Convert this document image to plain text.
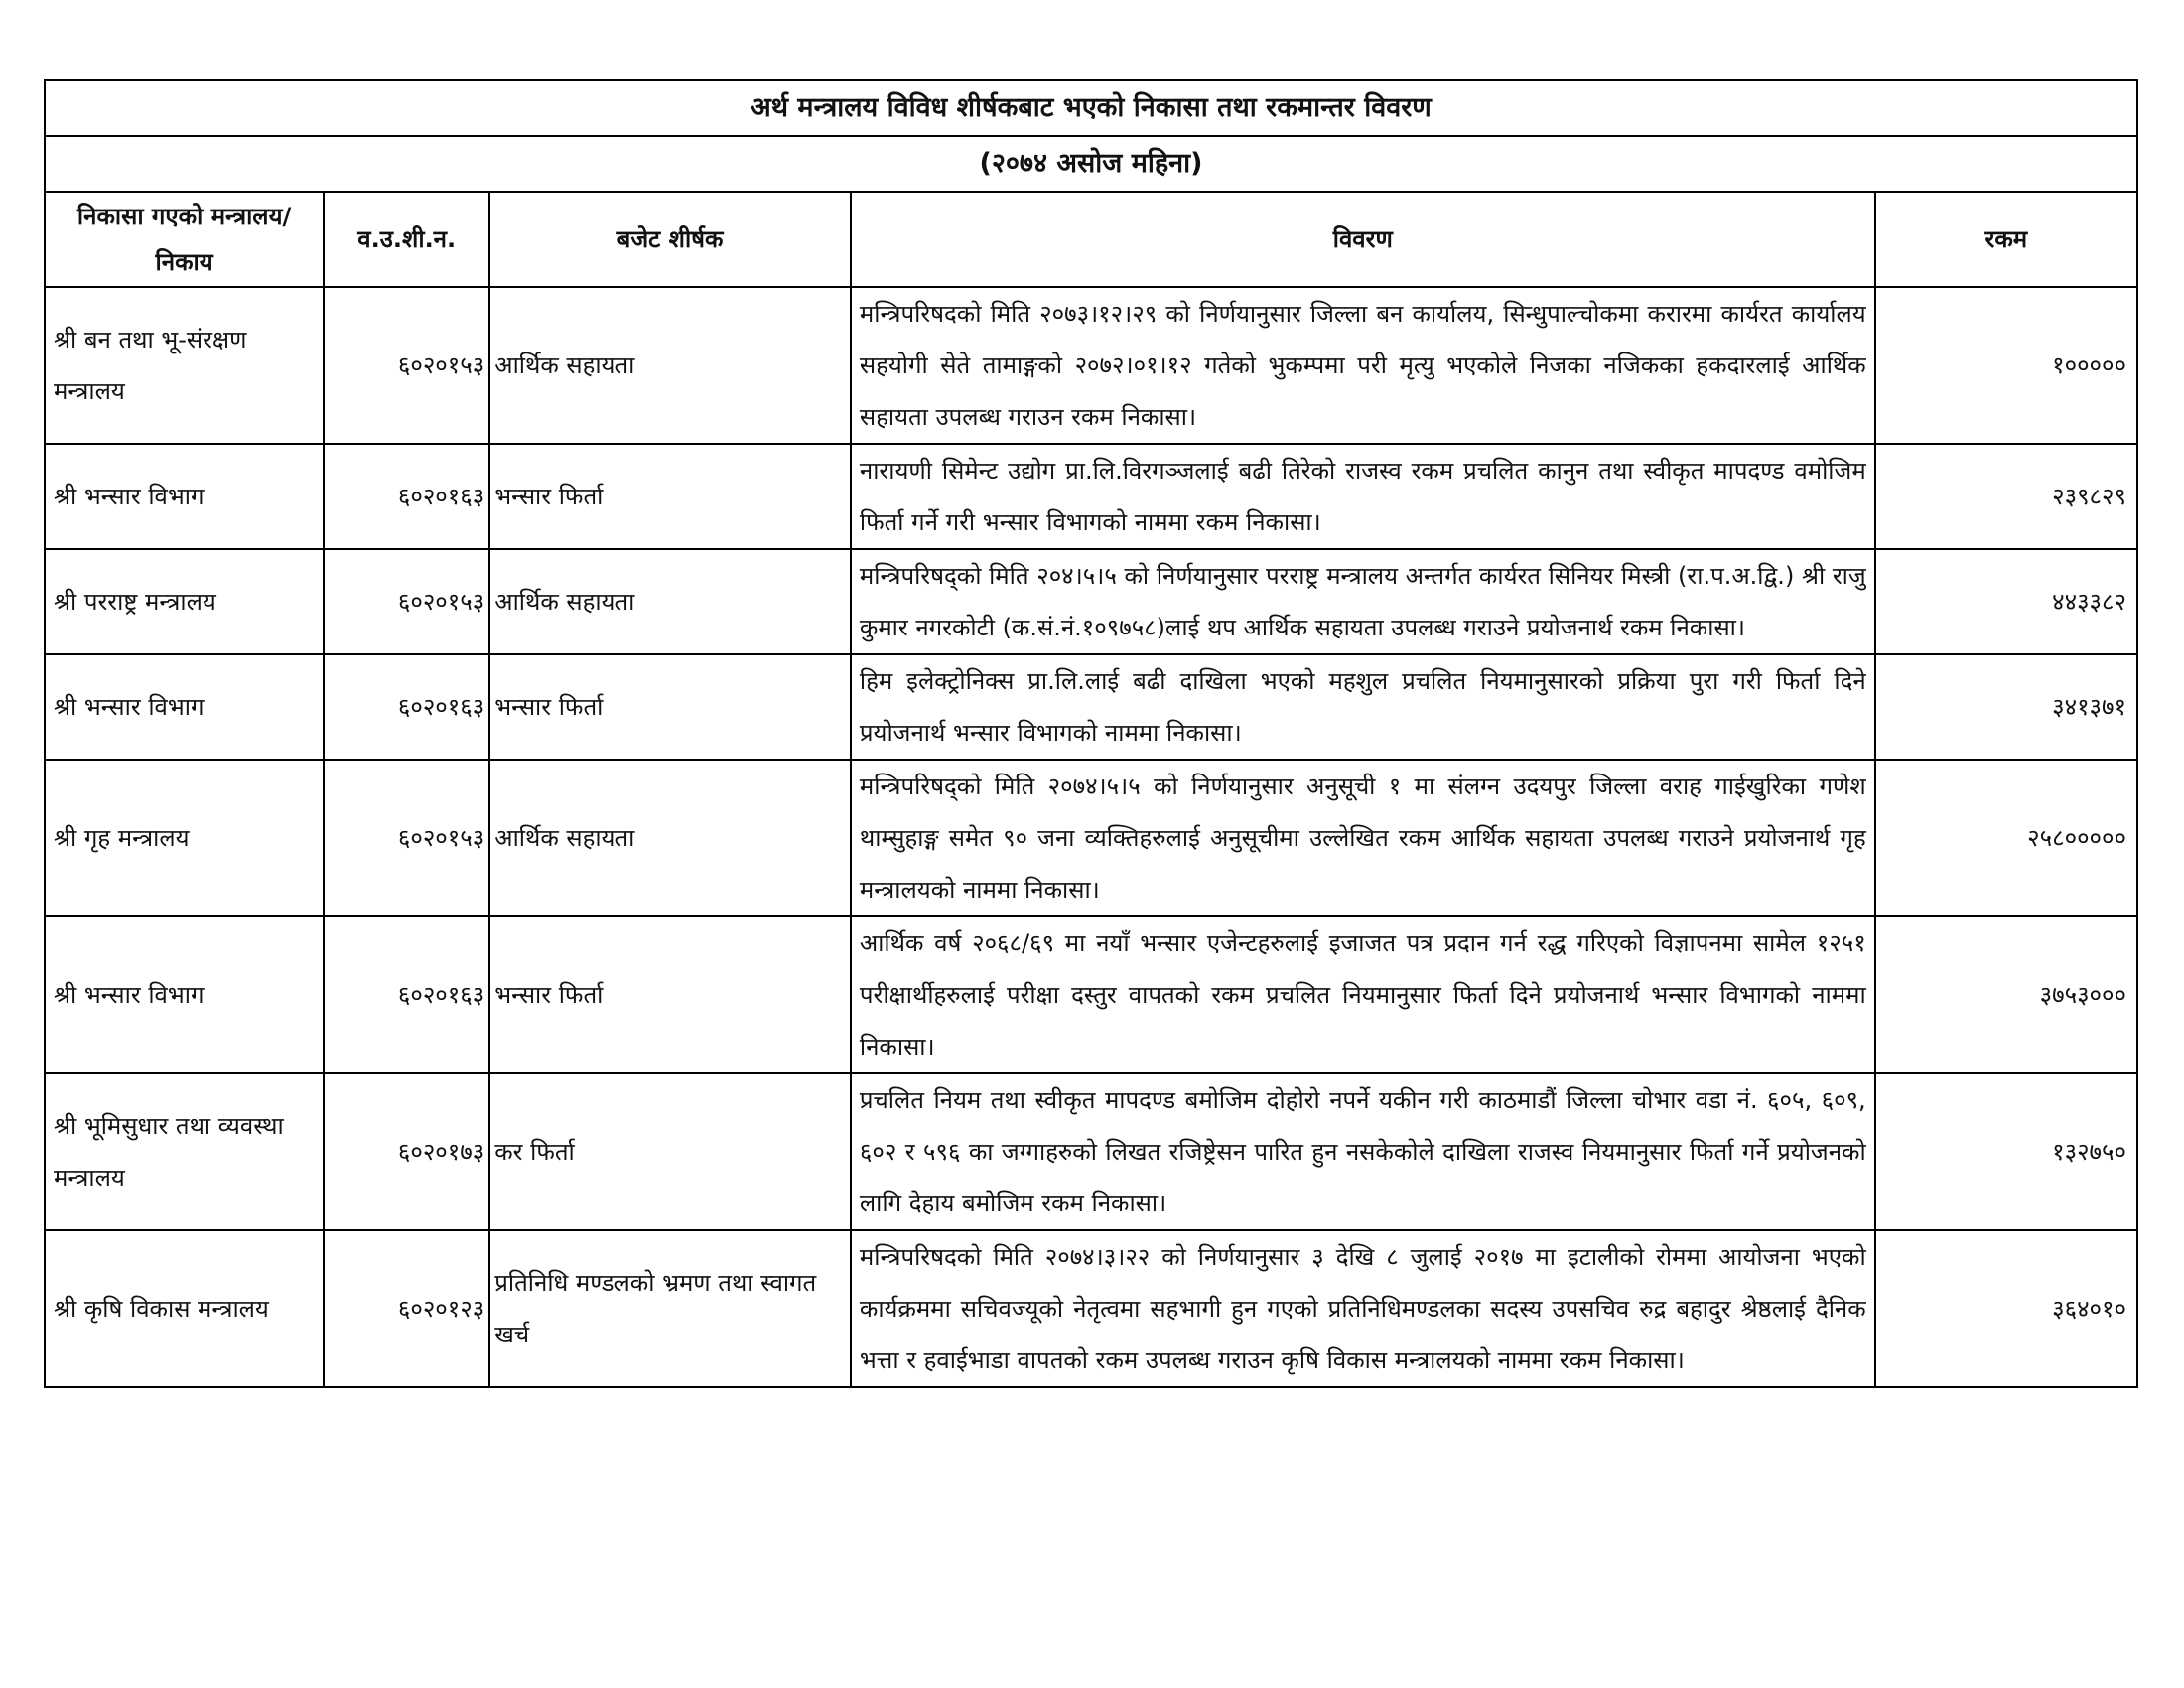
अर्थ मन्त्रालय विविध शीर्षकबाट भएको निकासा तथा रकमान्तर विवरण				
(२०७४ असोज महिना)				
निकासा गएको मन्त्रालय/निकाय	व.उ.शी.न.	बजेट शीर्षक	विवरण	रकम
श्री बन तथा भू-संरक्षण मन्त्रालय	६०२०१५३	आर्थिक सहायता	मन्त्रिपरिषदको मिति २०७३।१२।२९ को निर्णयानुसार जिल्ला बन कार्यालय, सिन्धुपाल्चोकमा करारमा कार्यरत कार्यालय सहयोगी सेते तामाङ्गको २०७२।०१।१२ गतेको भुकम्पमा परी मृत्यु भएकोले निजका नजिकका हकदारलाई आर्थिक सहायता उपलब्ध गराउन रकम निकासा।	१०००००
श्री भन्सार विभाग	६०२०१६३	भन्सार फिर्ता	नारायणी सिमेन्ट उद्योग प्रा.लि.विरगञ्जलाई बढी तिरेको राजस्व रकम प्रचलित कानुन तथा स्वीकृत मापदण्ड वमोजिम फिर्ता गर्ने गरी भन्सार विभागको नाममा रकम निकासा।	२३९८२९
श्री परराष्ट्र मन्त्रालय	६०२०१५३	आर्थिक सहायता	मन्त्रिपरिषद्को मिति २०४।५।५ को निर्णयानुसार परराष्ट्र मन्त्रालय अन्तर्गत कार्यरत सिनियर मिस्त्री (रा.प.अ.द्वि.) श्री राजु कुमार नगरकोटी (क.सं.नं.१०९७५८)लाई थप आर्थिक सहायता उपलब्ध गराउने प्रयोजनार्थ रकम निकासा।	४४३३८२
श्री भन्सार विभाग	६०२०१६३	भन्सार फिर्ता	हिम इलेक्ट्रोनिक्स प्रा.लि.लाई बढी दाखिला भएको महशुल प्रचलित नियमानुसारको प्रक्रिया पुरा गरी फिर्ता दिने प्रयोजनार्थ भन्सार विभागको नाममा निकासा।	३४१३७१
श्री गृह मन्त्रालय	६०२०१५३	आर्थिक सहायता	मन्त्रिपरिषद्को मिति २०७४।५।५ को निर्णयानुसार अनुसूची १ मा संलग्न उदयपुर जिल्ला वराह गाईखुरिका गणेश थाम्सुहाङ्ग समेत ९० जना व्यक्तिहरुलाई अनुसूचीमा उल्लेखित रकम आर्थिक सहायता उपलब्ध गराउने प्रयोजनार्थ गृह मन्त्रालयको नाममा निकासा।	२५८०००००
श्री भन्सार विभाग	६०२०१६३	भन्सार फिर्ता	आर्थिक वर्ष २०६८/६९ मा नयाँ भन्सार एजेन्टहरुलाई इजाजत पत्र प्रदान गर्न रद्ध गरिएको विज्ञापनमा सामेल १२५१ परीक्षार्थीहरुलाई परीक्षा दस्तुर वापतको रकम प्रचलित नियमानुसार फिर्ता दिने प्रयोजनार्थ भन्सार विभागको नाममा निकासा।	३७५३०००
श्री भूमिसुधार तथा व्यवस्था मन्त्रालय	६०२०१७३	कर फिर्ता	प्रचलित नियम तथा स्वीकृत मापदण्ड बमोजिम दोहोरो नपर्ने यकीन गरी काठमाडौं जिल्ला चोभार वडा नं. ६०५, ६०९, ६०२ र ५९६ का जग्गाहरुको लिखत रजिष्ट्रेसन पारित हुन नसकेकोले दाखिला राजस्व नियमानुसार फिर्ता गर्ने प्रयोजनको लागि देहाय बमोजिम रकम निकासा।	१३२७५०
श्री कृषि विकास मन्त्रालय	६०२०१२३	प्रतिनिधि मण्डलको भ्रमण तथा स्वागत खर्च	मन्त्रिपरिषदको मिति २०७४।३।२२ को निर्णयानुसार ३ देखि ८ जुलाई २०१७ मा इटालीको रोममा आयोजना भएको कार्यक्रममा सचिवज्यूको नेतृत्वमा सहभागी हुन गएको प्रतिनिधिमण्डलका सदस्य उपसचिव रुद्र बहादुर श्रेष्ठलाई दैनिक भत्ता र हवाईभाडा वापतको रकम उपलब्ध गराउन कृषि विकास मन्त्रालयको नाममा रकम निकासा।	३६४०१०
